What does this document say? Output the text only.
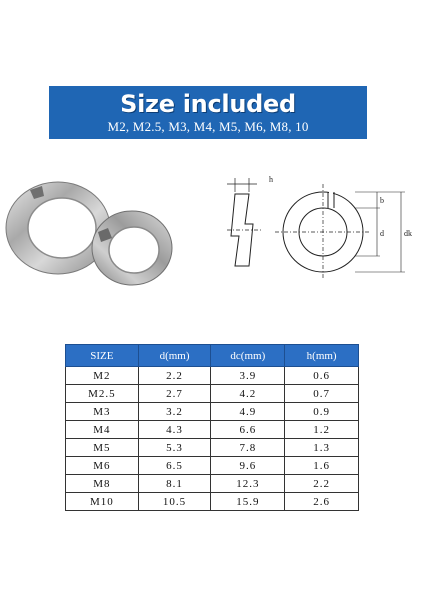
Size included
M2, M2.5, M3, M4, M5, M6, M8, 10
h
b
d	dk
SIZE	d(mm)	dc(mm)	h(mm)
M2	2.2	3.9	0.6
M2.5	2.7	4.2	0.7
M3	3.2	4.9	0.9
M4	4.3	6.6	1.2
M5	5.3	7.8	1.3
M6	6.5	9.6	1.6
M8	8.1	12.3	2.2
M10	10.5	15.9	2.6
